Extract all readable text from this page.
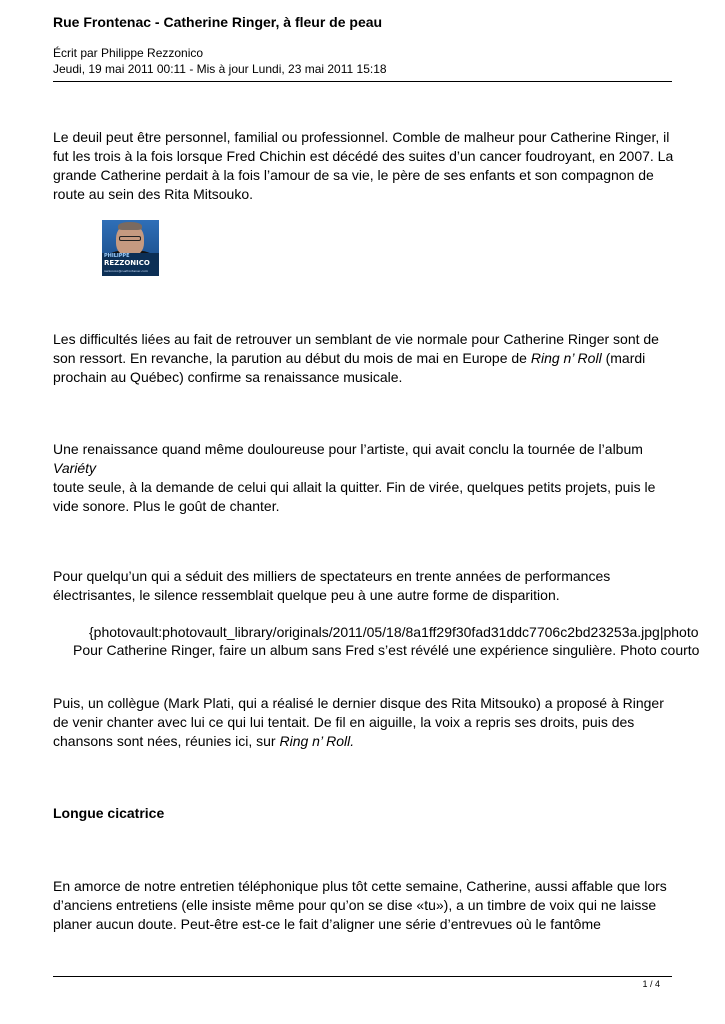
Rue Frontenac - Catherine Ringer, à fleur de peau
Écrit par Philippe Rezzonico
Jeudi, 19 mai 2011 00:11 - Mis à jour Lundi, 23 mai 2011 15:18
Le deuil peut être personnel, familial ou professionnel. Comble de malheur pour Catherine Ringer, il fut les trois à la fois lorsque Fred Chichin est décédé des suites d’un cancer foudroyant, en 2007. La grande Catherine perdait à la fois l’amour de sa vie, le père de ses enfants et son compagnon de route au sein des Rita Mitsouko.
PHILIPPE
REZZONICO
rezzonico@ruefrontenac.com
Les difficultés liées au fait de retrouver un semblant de vie normale pour Catherine Ringer sont de son ressort. En revanche, la parution au début du mois de mai en Europe de Ring n’ Roll (mardi prochain au Québec) confirme sa renaissance musicale.
Une renaissance quand même douloureuse pour l’artiste, qui avait conclu la tournée de l’album
Variéty
toute seule, à la demande de celui qui allait la quitter. Fin de virée, quelques petits projets, puis le vide sonore. Plus le goût de chanter.
Pour quelqu’un qui a séduit des milliers de spectateurs en trente années de performances électrisantes, le silence ressemblait quelque peu à une autre forme de disparition.
{photovault:photovault_library/originals/2011/05/18/8a1ff29f30fad31ddc7706c2bd23253a.jpg|photo
Pour Catherine Ringer, faire un album sans Fred s’est révélé une expérience singulière. Photo courto
Puis, un collègue (Mark Plati, qui a réalisé le dernier disque des Rita Mitsouko) a proposé à Ringer de venir chanter avec lui ce qui lui tentait. De fil en aiguille, la voix a repris ses droits, puis des chansons sont nées, réunies ici, sur Ring n’ Roll.
Longue cicatrice
En amorce de notre entretien téléphonique plus tôt cette semaine, Catherine, aussi affable que lors d’anciens entretiens (elle insiste même pour qu’on se dise «tu»), a un timbre de voix qui ne laisse planer aucun doute. Peut-être est-ce le fait d’aligner une série d’entrevues où le fantôme
1 / 4
